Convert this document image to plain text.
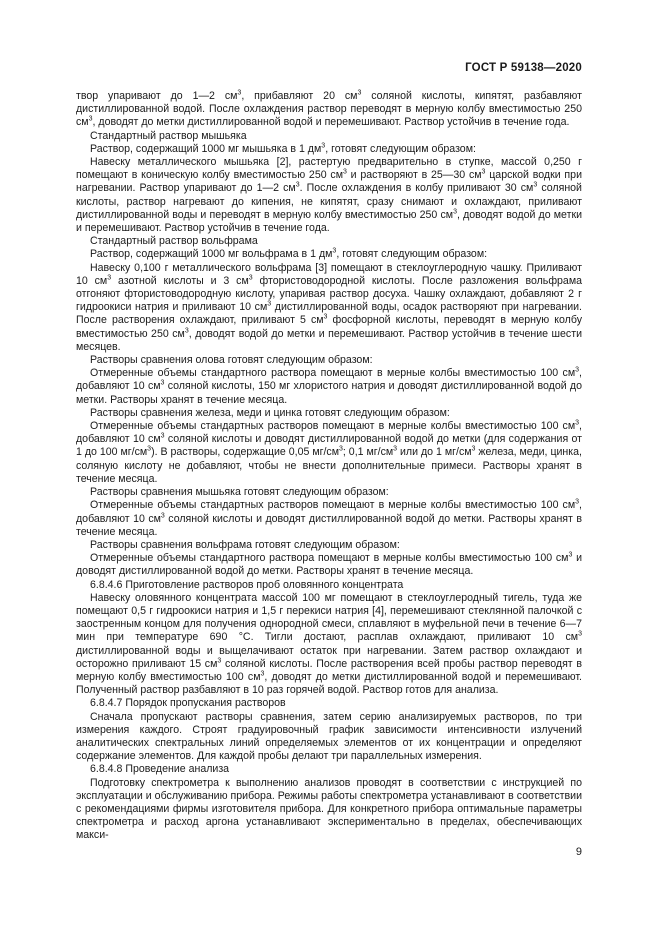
ГОСТ Р 59138—2020

твор упаривают до 1—2 $см^3$, прибавляют 20 $см^3$ соляной кислоты, кипятят, разбавляют дистиллированной водой. После охлаждения раствор переводят в мерную колбу вместимостью 250 $см^3$, доводят до метки дистиллированной водой и перемешивают. Раствор устойчив в течение года.

Стандартный раствор мышьяка

Раствор, содержащий 1000 мг мышьяка в 1 $дм^3$, готовят следующим образом:

Навеску металлического мышьяка [2], растертую предварительно в ступке, массой 0,250 г помещают в коническую колбу вместимостью 250 $см^3$ и растворяют в 25—30 $см^3$ царской водки при нагревании. Раствор упаривают до 1—2 $см^3$. После охлаждения в колбу приливают 30 $см^3$ соляной кислоты, раствор нагревают до кипения, не кипятят, сразу снимают и охлаждают, приливают дистиллированной воды и переводят в мерную колбу вместимостью 250 $см^3$, доводят водой до метки и перемешивают. Раствор устойчив в течение года.

Стандартный раствор вольфрама

Раствор, содержащий 1000 мг вольфрама в 1 $дм^3$, готовят следующим образом:

Навеску 0,100 г металлического вольфрама [3] помещают в стеклоуглеродную чашку. Приливают 10 $см^3$ азотной кислоты и 3 $см^3$ фтористоводородной кислоты. После разложения вольфрама отгоняют фтористоводородную кислоту, упаривая раствор досуха. Чашку охлаждают, добавляют 2 г гидроокиси натрия и приливают 10 $см^3$ дистиллированной воды, осадок растворяют при нагревании. После растворения охлаждают, приливают 5 $см^3$ фосфорной кислоты, переводят в мерную колбу вместимостью 250 $см^3$, доводят водой до метки и перемешивают. Раствор устойчив в течение шести месяцев.

Растворы сравнения олова готовят следующим образом:

Отмеренные объемы стандартного раствора помещают в мерные колбы вместимостью 100 $см^3$, добавляют 10 $см^3$ соляной кислоты, 150 мг хлористого натрия и доводят дистиллированной водой до метки. Растворы хранят в течение месяца.

Растворы сравнения железа, меди и цинка готовят следующим образом:

Отмеренные объемы стандартных растворов помещают в мерные колбы вместимостью 100 $см^3$, добавляют 10 $см^3$ соляной кислоты и доводят дистиллированной водой до метки (для содержания от 1 до 100 $мг/см^3$). В растворы, содержащие 0,05 $мг/см^3$; 0,1 $мг/см^3$ или до 1 $мг/см^3$ железа, меди, цинка, соляную кислоту не добавляют, чтобы не внести дополнительные примеси. Растворы хранят в течение месяца.

Растворы сравнения мышьяка готовят следующим образом:

Отмеренные объемы стандартных растворов помещают в мерные колбы вместимостью 100 $см^3$, добавляют 10 $см^3$ соляной кислоты и доводят дистиллированной водой до метки. Растворы хранят в течение месяца.

Растворы сравнения вольфрама готовят следующим образом:

Отмеренные объемы стандартного раствора помещают в мерные колбы вместимостью 100 $см^3$ и доводят дистиллированной водой до метки. Растворы хранят в течение месяца.

6.8.4.6 Приготовление растворов проб оловянного концентрата

Навеску оловянного концентрата массой 100 мг помещают в стеклоуглеродный тигель, туда же помещают 0,5 г гидроокиси натрия и 1,5 г перекиси натрия [4], перемешивают стеклянной палочкой с заостренным концом для получения однородной смеси, сплавляют в муфельной печи в течение 6—7 мин при температуре 690 °С. Тигли достают, расплав охлаждают, приливают 10 $см^3$ дистиллированной воды и выщелачивают остаток при нагревании. Затем раствор охлаждают и осторожно приливают 15 $см^3$ соляной кислоты. После растворения всей пробы раствор переводят в мерную колбу вместимостью 100 $см^3$, доводят до метки дистиллированной водой и перемешивают. Полученный раствор разбавляют в 10 раз горячей водой. Раствор готов для анализа.

6.8.4.7 Порядок пропускания растворов

Сначала пропускают растворы сравнения, затем серию анализируемых растворов, по три измерения каждого. Строят градуировочный график зависимости интенсивности излучений аналитических спектральных линий определяемых элементов от их концентрации и определяют содержание элементов. Для каждой пробы делают три параллельных измерения.

6.8.4.8 Проведение анализа

Подготовку спектрометра к выполнению анализов проводят в соответствии с инструкцией по эксплуатации и обслуживанию прибора. Режимы работы спектрометра устанавливают в соответствии с рекомендациями фирмы изготовителя прибора. Для конкретного прибора оптимальные параметры спектрометра и расход аргона устанавливают экспериментально в пределах, обеспечивающих макси-

9
